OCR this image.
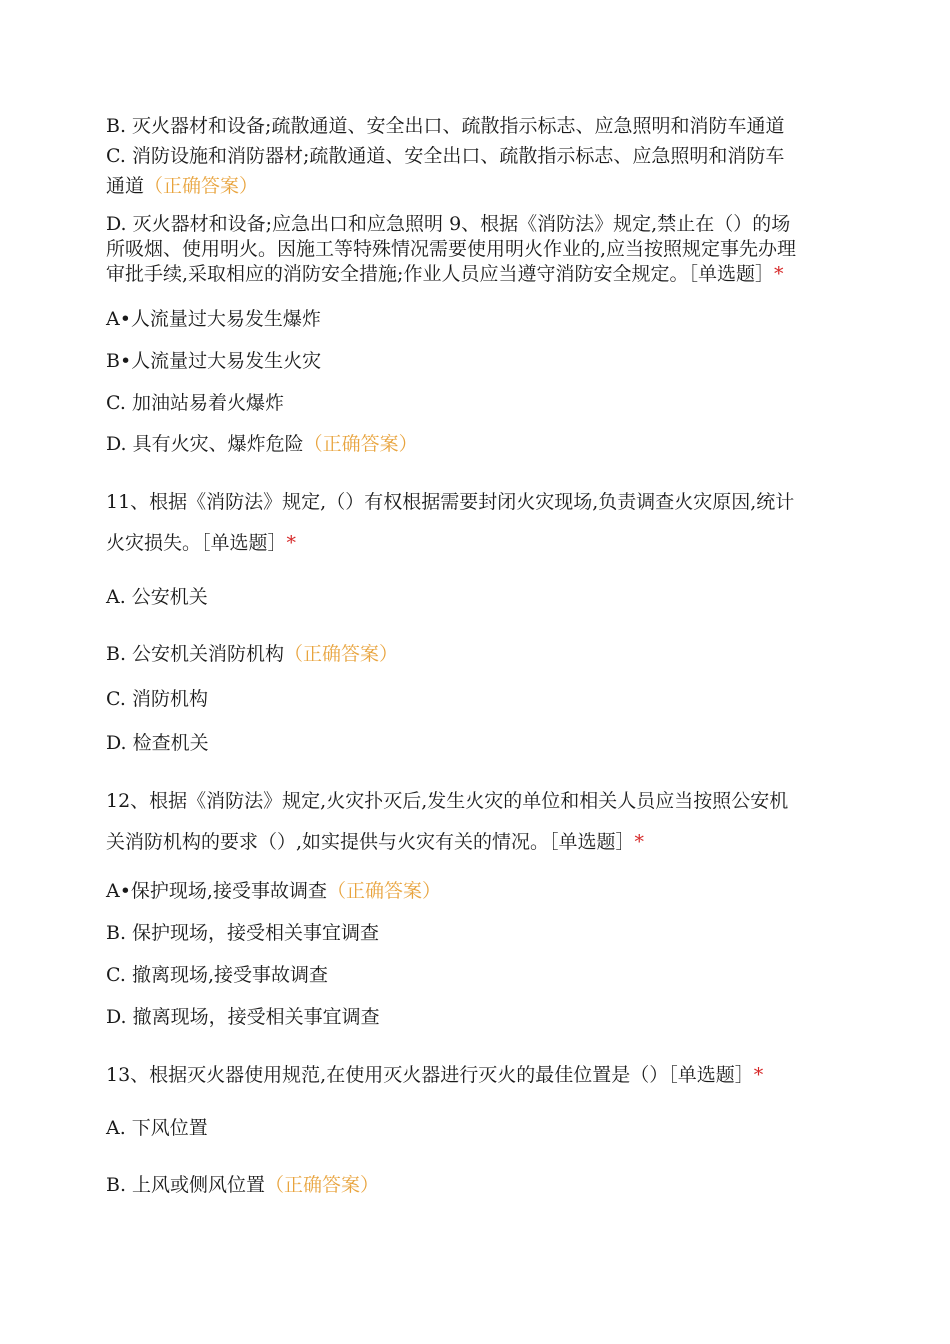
B. 灭火器材和设备;疏散通道、安全出口、疏散指示标志、应急照明和消防车通道
C. 消防设施和消防器材;疏散通道、安全出口、疏散指示标志、应急照明和消防车
通道（正确答案）
D. 灭火器材和设备;应急出口和应急照明 9、根据《消防法》规定,禁止在（）的场
所吸烟、使用明火。因施工等特殊情况需要使用明火作业的,应当按照规定事先办理
审批手续,采取相应的消防安全措施;作业人员应当遵守消防安全规定。［单选题］*
A•人流量过大易发生爆炸
B•人流量过大易发生火灾
C. 加油站易着火爆炸
D. 具有火灾、爆炸危险（正确答案）
11、根据《消防法》规定,（）有权根据需要封闭火灾现场,负责调查火灾原因,统计
火灾损失。［单选题］*
A. 公安机关
B. 公安机关消防机构（正确答案）
C. 消防机构
D. 检查机关
12、根据《消防法》规定,火灾扑灭后,发生火灾的单位和相关人员应当按照公安机
关消防机构的要求（）,如实提供与火灾有关的情况。［单选题］*
A•保护现场,接受事故调查（正确答案）
B. 保护现场，接受相关事宜调查
C. 撤离现场,接受事故调查
D. 撤离现场，接受相关事宜调查
13、根据灭火器使用规范,在使用灭火器进行灭火的最佳位置是（）［单选题］*
A. 下风位置
B. 上风或侧风位置（正确答案）
